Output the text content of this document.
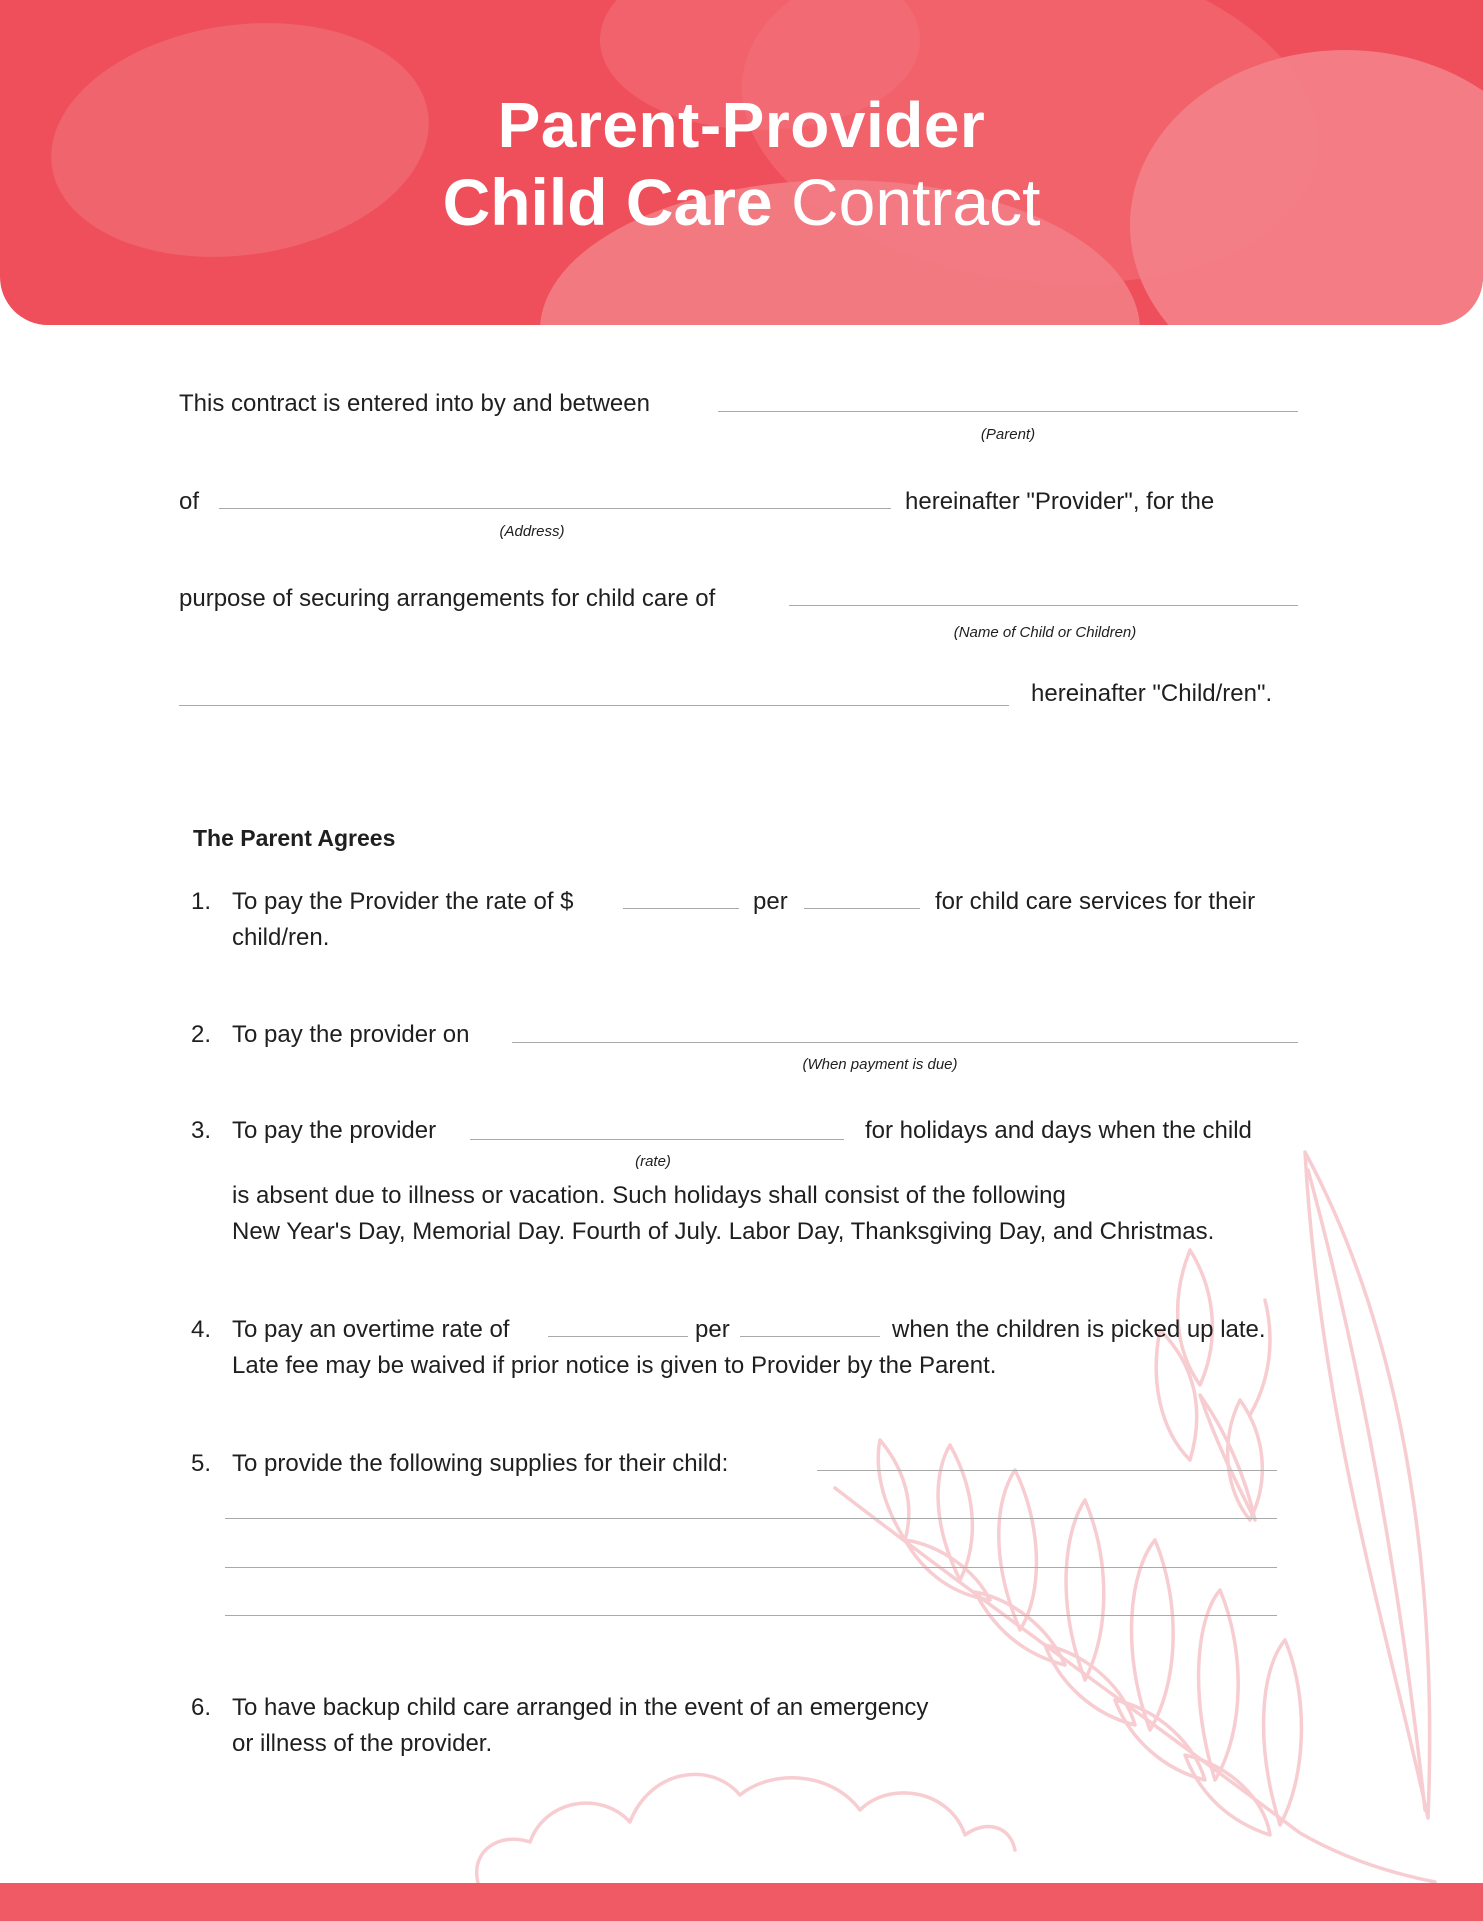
Parent-Provider
Child Care Contract
This contract is entered into by and between
(Parent)
of	hereinafter "Provider", for the
(Address)
purpose of securing arrangements for child care of
(Name of Child or Children)
hereinafter "Child/ren".
The Parent Agrees
1. To pay the Provider the rate of $	per	for child care services for their
child/ren.
2. To pay the provider on
(When payment is due)
3. To pay the provider	for holidays and days when the child
(rate)
is absent due to illness or vacation. Such holidays shall consist of the following
New Year's Day, Memorial Day. Fourth of July. Labor Day, Thanksgiving Day, and Christmas.
4. To pay an overtime rate of	per	when the children is picked up late.
Late fee may be waived if prior notice is given to Provider by the Parent.
5. To provide the following supplies for their child:
6. To have backup child care arranged in the event of an emergency
or illness of the provider.
